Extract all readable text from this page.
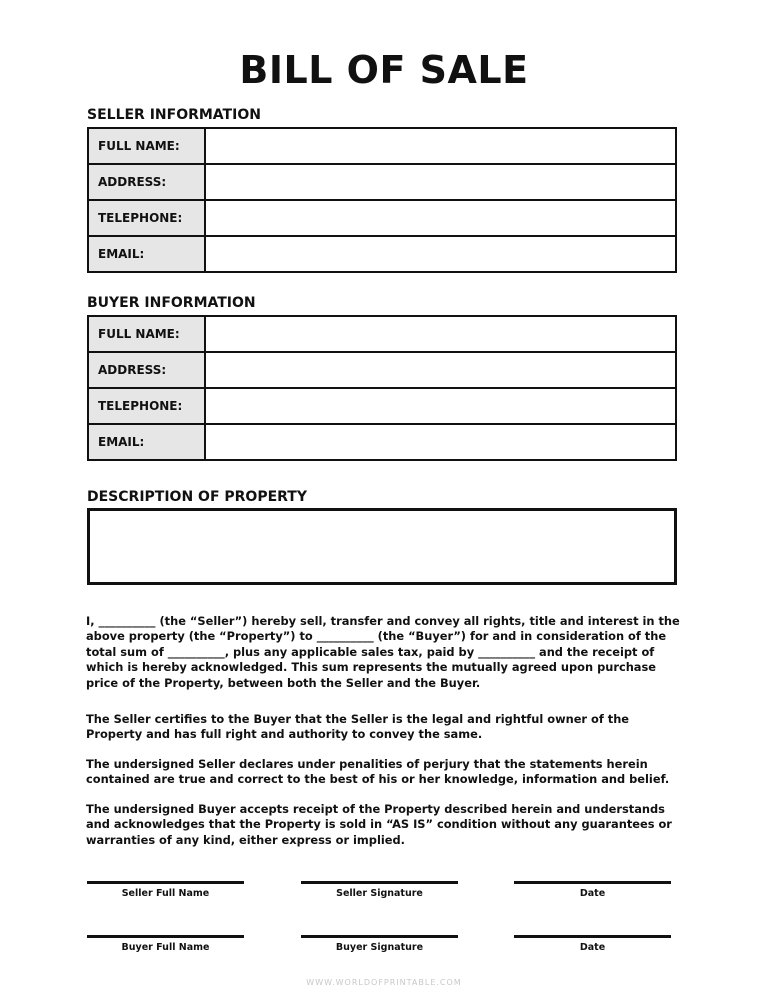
BILL OF SALE
SELLER INFORMATION
FULL NAME:	
ADDRESS:	
TELEPHONE:	
EMAIL:	
BUYER INFORMATION
FULL NAME:	
ADDRESS:	
TELEPHONE:	
EMAIL:	
DESCRIPTION OF PROPERTY

I, __________ (the “Seller”) hereby sell, transfer and convey all rights, title and interest in the above property (the “Property”) to __________ (the “Buyer”) for and in consideration of the total sum of __________, plus any applicable sales tax, paid by __________ and the receipt of which is hereby acknowledged. This sum represents the mutually agreed upon purchase price of the Property, between both the Seller and the Buyer.

The Seller certifies to the Buyer that the Seller is the legal and rightful owner of the Property and has full right and authority to convey the same.

The undersigned Seller declares under penalities of perjury that the statements herein contained are true and correct to the best of his or her knowledge, information and belief.

The undersigned Buyer accepts receipt of the Property described herein and understands and acknowledges that the Property is sold in “AS IS” condition without any guarantees or warranties of any kind, either express or implied.

Seller Full Name	Seller Signature	Date
Buyer Full Name	Buyer Signature	Date
WWW.WORLDOFPRINTABLE.COM
